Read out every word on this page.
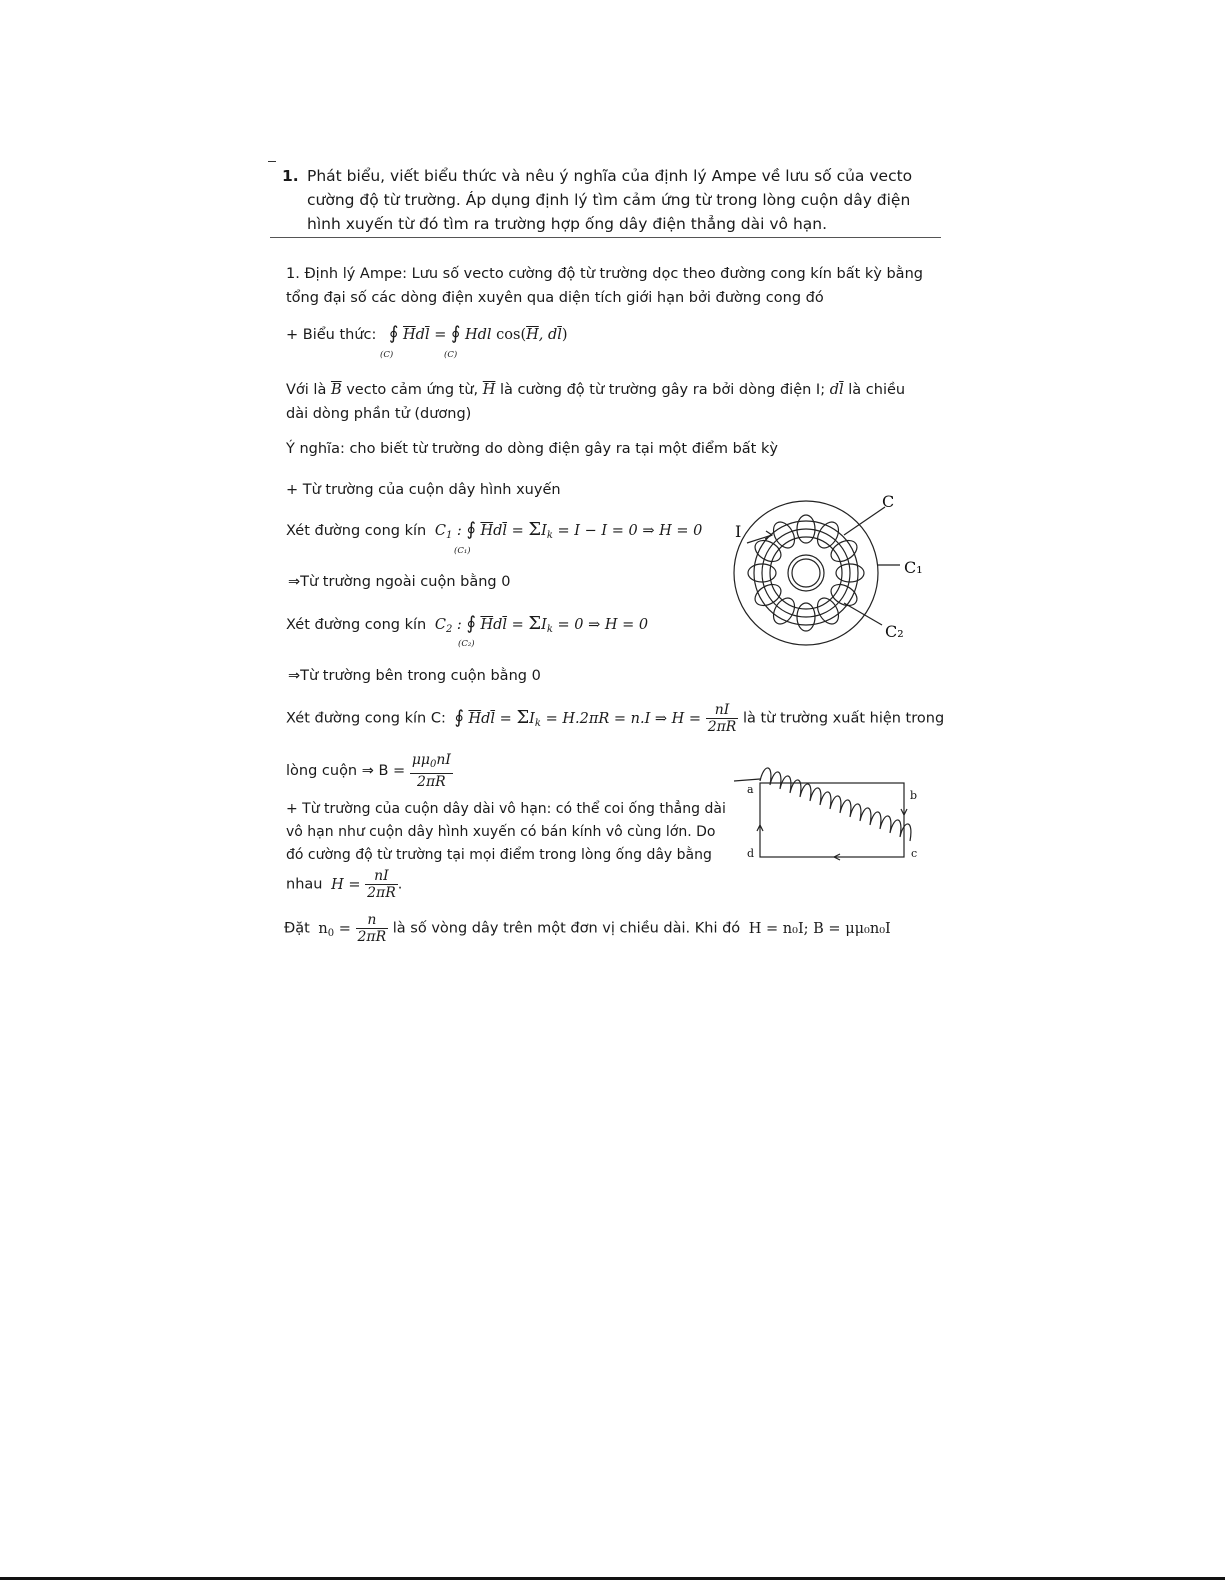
1. Phát biểu, viết biểu thức và nêu ý nghĩa của định lý Ampe về lưu số của vecto cường độ từ trường. Áp dụng định lý tìm cảm ứng từ trong lòng cuộn dây điện hình xuyến từ đó tìm ra trường hợp ống dây điện thẳng dài vô hạn.
1. Định lý Ampe: Lưu số vecto cường độ từ trường dọc theo đường cong kín bất kỳ bằng tổng đại số các dòng điện xuyên qua diện tích giới hạn bởi đường cong đó
+ Biểu thức: ∮ $\overline{H}d\overline{l}$ = ∮ Hdl $\cos(\overline{H}$, $d\overline{l}$)
(C)	(C)
Với là $\overline{B}$ vecto cảm ứng từ, $\overline{H}$ là cường độ từ trường gây ra bởi dòng điện I; $d\overline{l}$ là chiều
dài dòng phần tử (dương)
Ý nghĩa: cho biết từ trường do dòng điện gây ra tại một điểm bất kỳ
+ Từ trường của cuộn dây hình xuyến
Xét đường cong kín $C_1$ : ∮ $\overline{H}d\overline{l} = \Sigma I_k = I - I = 0$ ⇒ H = 0
(C₁)
⇒Từ trường ngoài cuộn bằng 0
Xét đường cong kín $C_2$ : ∮ $\overline{H}d\overline{l} = \Sigma I_k = 0$ ⇒ H = 0
(C₂)
⇒Từ trường bên trong cuộn bằng 0
Xét đường cong kín C: ∮ $\overline{H}d\overline{l} = \Sigma I_k = H.2\pi R = n.I$ ⇒ $H = \frac{nI}{2\pi R}$ là từ trường xuất hiện trong
lòng cuộn ⇒ $B = \frac{\mu\mu_0nI}{2\pi R}$
+ Từ trường của cuộn dây dài vô hạn: có thể coi ống thẳng dài vô hạn như cuộn dây hình xuyến có bán kính vô cùng lớn. Do đó cường độ từ trường tại mọi điểm trong lòng ống dây bằng
nhau $H = \frac{nI}{2\pi R}$ .
Đặt $n_0 = \frac{n}{2\pi R}$ là số vòng dây trên một đơn vị chiều dài. Khi đó H = n₀I; B = μμ₀n₀I
C
I
C₁
C₂
a	b
c
d
